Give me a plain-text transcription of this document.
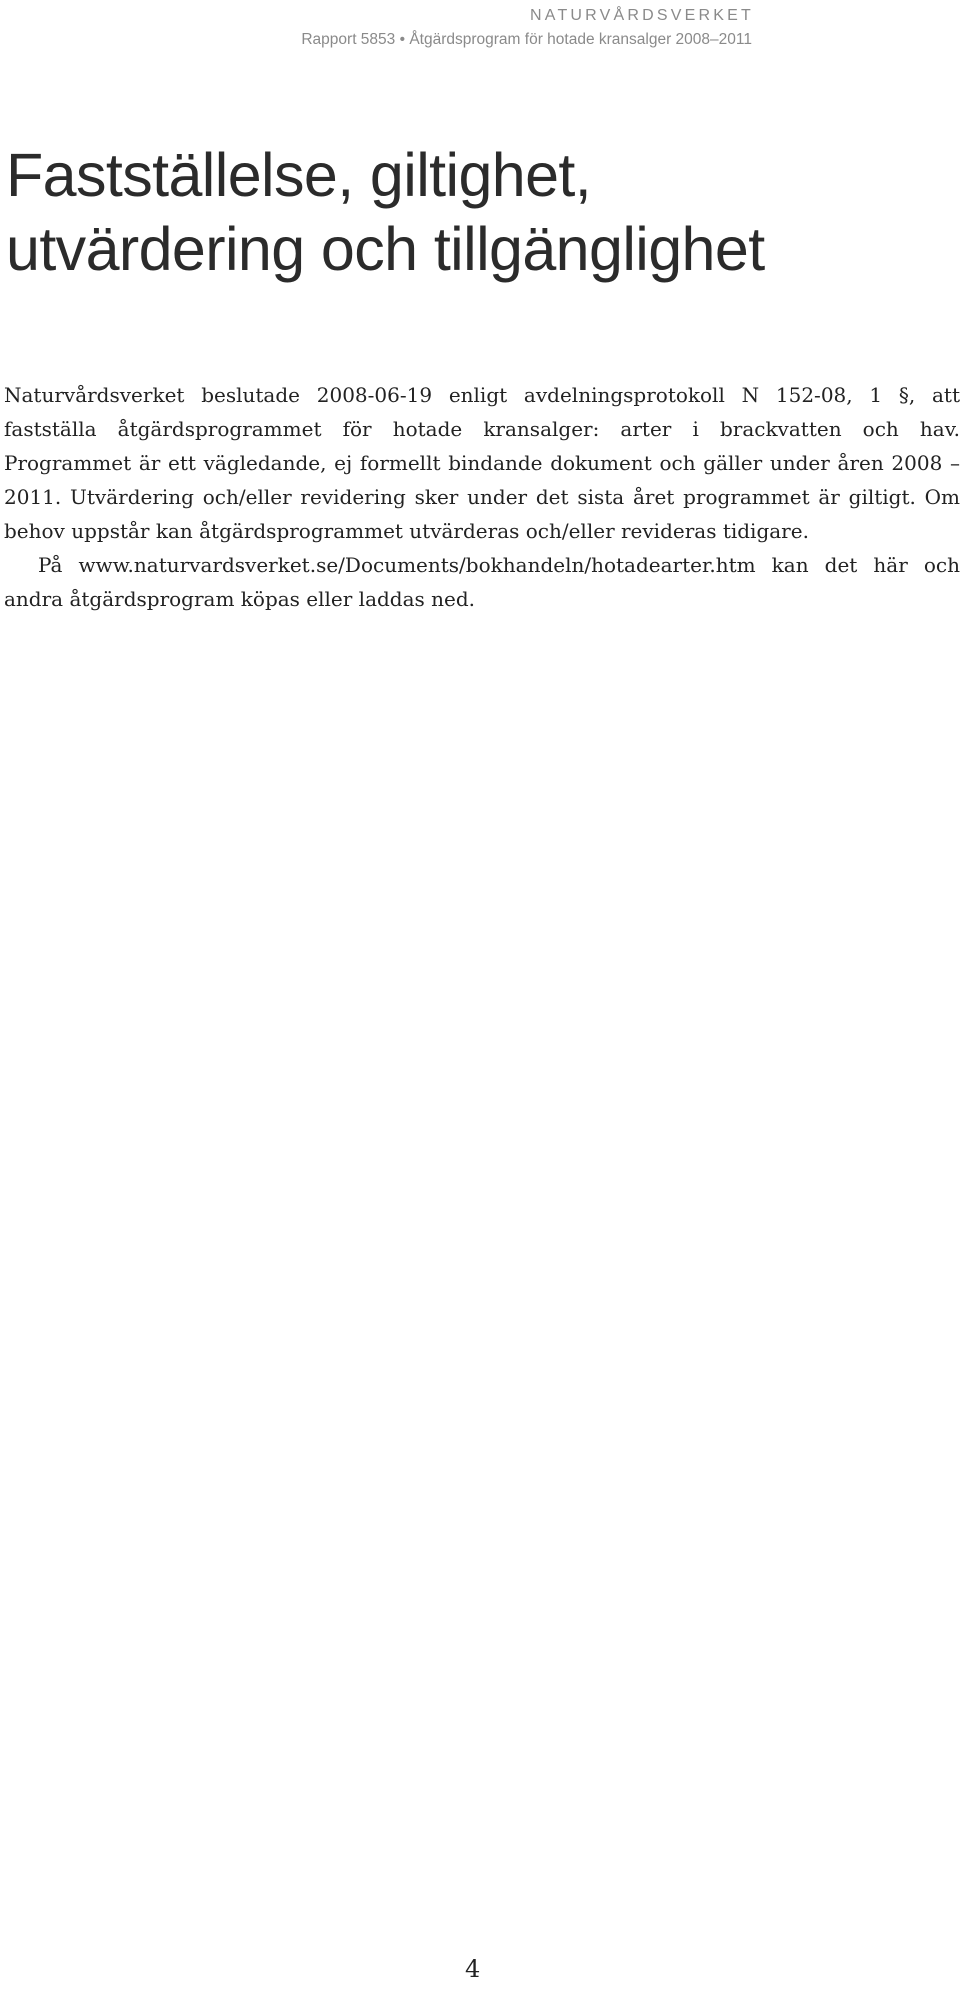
NATURVÅRDSVERKET
Rapport 5853 • Åtgärdsprogram för hotade kransalger 2008–2011
Fastställelse, giltighet,
utvärdering och tillgänglighet

Naturvårdsverket beslutade 2008-06-19 enligt avdelningsprotokoll N 152-08, 1 §, att fastställa åtgärdsprogrammet för hotade kransalger: arter i brackvatten och hav. Programmet är ett vägledande, ej formellt bindande dokument och gäller under åren 2008 – 2011. Utvärdering och/eller revidering sker under det sista året programmet är giltigt. Om behov uppstår kan åtgärdsprogrammet utvärderas och/eller revideras tidigare.

På www.naturvardsverket.se/Documents/bokhandeln/hotadearter.htm kan det här och andra åtgärdsprogram köpas eller laddas ned.

4
